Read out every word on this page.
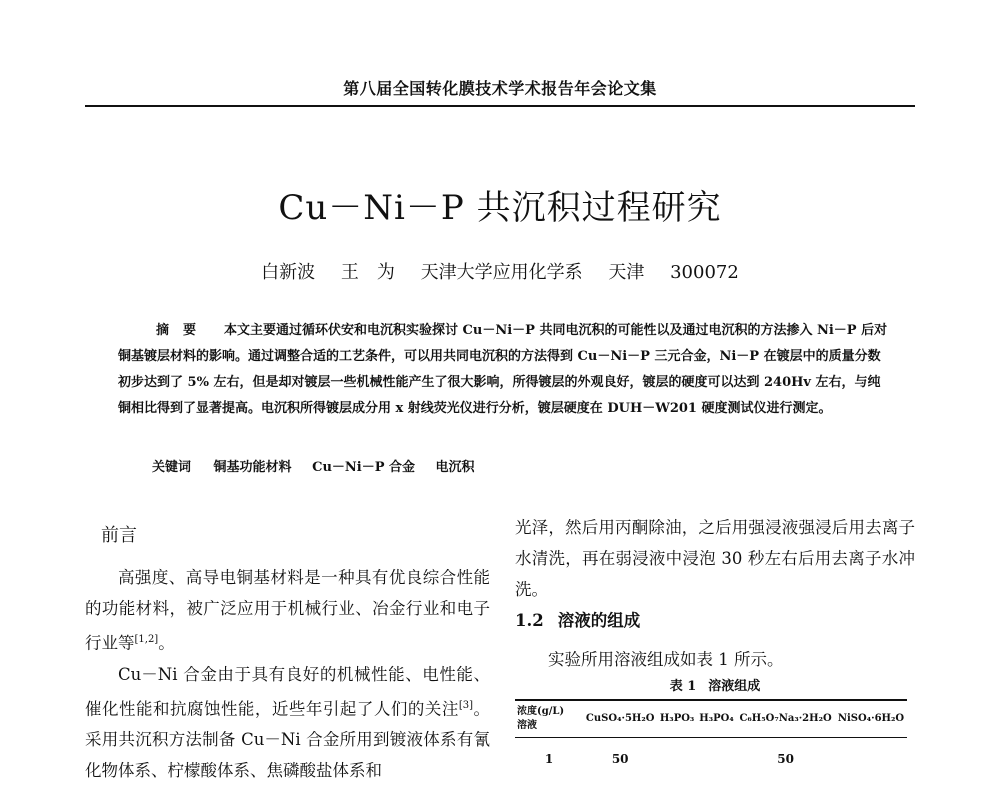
第八届全国转化膜技术学术报告年会论文集
Cu－Ni－P 共沉积过程研究
白新波 王　为 天津大学应用化学系 天津 300072
摘要 本文主要通过循环伏安和电沉积实验探讨 Cu－Ni－P 共同电沉积的可能性以及通过电沉积的方法掺入 Ni－P 后对铜基镀层材料的影响。通过调整合适的工艺条件，可以用共同电沉积的方法得到 Cu－Ni－P 三元合金，Ni－P 在镀层中的质量分数初步达到了 5% 左右，但是却对镀层一些机械性能产生了很大影响，所得镀层的外观良好，镀层的硬度可以达到 240Hv 左右，与纯铜相比得到了显著提高。电沉积所得镀层成分用 x 射线荧光仪进行分析，镀层硬度在 DUH－W201 硬度测试仪进行测定。
关键词 铜基功能材料 Cu－Ni－P 合金 电沉积
前言

高强度、高导电铜基材料是一种具有优良综合性能的功能材料，被广泛应用于机械行业、冶金行业和电子行业等[1,2]。

Cu－Ni 合金由于具有良好的机械性能、电性能、催化性能和抗腐蚀性能，近些年引起了人们的关注[3]。采用共沉积方法制备 Cu－Ni 合金所用到镀液体系有氰化物体系、柠檬酸体系、焦磷酸盐体系和

光泽，然后用丙酮除油，之后用强浸液强浸后用去离子水清洗，再在弱浸液中浸泡 30 秒左右后用去离子水冲洗。

1.2 溶液的组成

实验所用溶液组成如表 1 所示。

表 1 溶液组成
浓度(g/L)
溶液	CuSO₄·5H₂O	H₃PO₃	H₃PO₄	C₆H₅O₇Na₃·2H₂O	NiSO₄·6H₂O
1	50			50	
